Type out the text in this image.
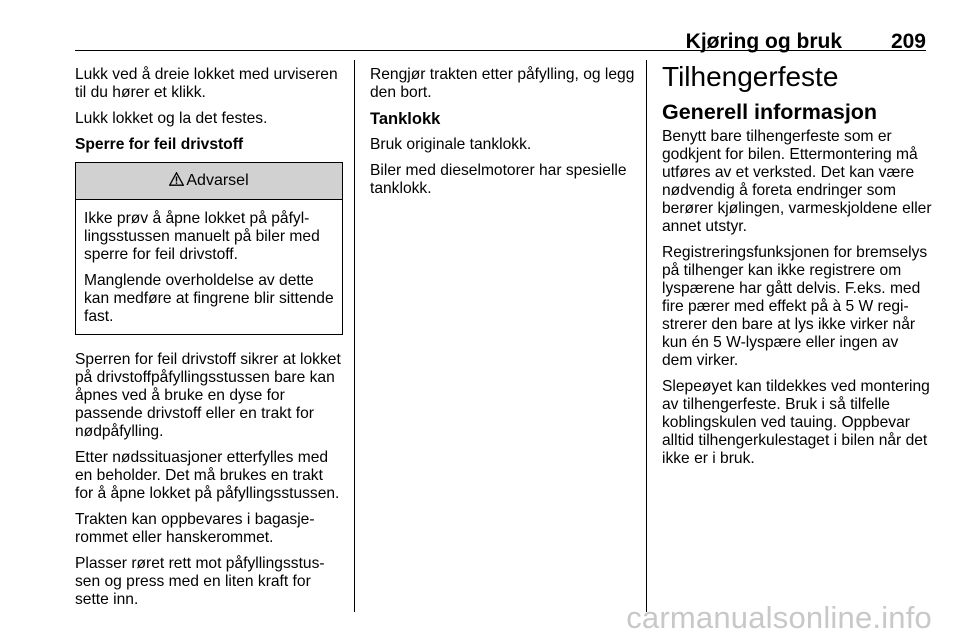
Kjøring og bruk 209

Lukk ved å dreie lokket med urviseren til du hører et klikk.

Lukk lokket og la det festes.

Sperre for feil drivstoff

Advarsel

Ikke prøv å åpne lokket på påfyllingsstussen manuelt på biler med sperre for feil drivstoff.

Manglende overholdelse av dette kan medføre at fingrene blir sittende fast.

Sperren for feil drivstoff sikrer at lokket på drivstoffpåfyllingsstussen bare kan åpnes ved å bruke en dyse for passende drivstoff eller en trakt for nødpåfylling.

Etter nødssituasjoner etterfylles med en beholder. Det må brukes en trakt for å åpne lokket på påfyllingsstussen.

Trakten kan oppbevares i bagasjerommet eller hanskerommet.

Plasser røret rett mot påfyllingsstussen og press med en liten kraft for sette inn.

Rengjør trakten etter påfylling, og legg den bort.

Tanklokk

Bruk originale tanklokk.

Biler med dieselmotorer har spesielle tanklokk.

Tilhengerfeste
Generell informasjon

Benytt bare tilhengerfeste som er godkjent for bilen. Ettermontering må utføres av et verksted. Det kan være nødvendig å foreta endringer som berører kjølingen, varmeskjoldene eller annet utstyr.

Registreringsfunksjonen for bremselys på tilhenger kan ikke registrere om lyspærene har gått delvis. F.eks. med fire pærer med effekt på à 5 W registrerer den bare at lys ikke virker når kun én 5 W-lyspære eller ingen av dem virker.

Slepeøyet kan tildekkes ved montering av tilhengerfeste. Bruk i så tilfelle koblingskulen ved tauing. Oppbevar alltid tilhengerkulestaget i bilen når det ikke er i bruk.

carmanualsonline.info
